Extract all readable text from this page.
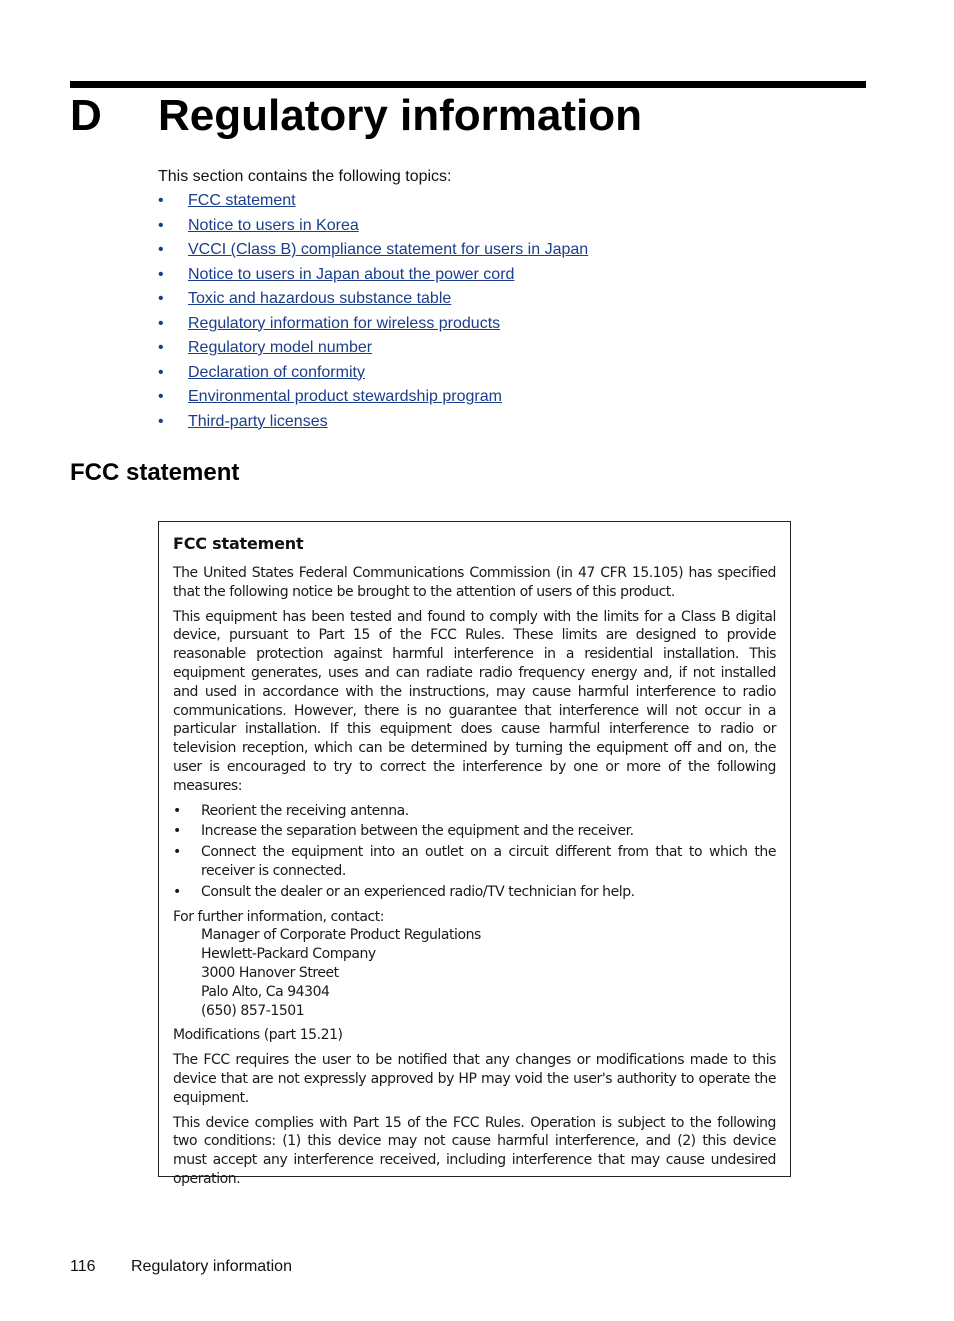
D Regulatory information
This section contains the following topics:
• FCC statement
• Notice to users in Korea
• VCCI (Class B) compliance statement for users in Japan
• Notice to users in Japan about the power cord
• Toxic and hazardous substance table
• Regulatory information for wireless products
• Regulatory model number
• Declaration of conformity
• Environmental product stewardship program
• Third-party licenses
FCC statement
FCC statement

The United States Federal Communications Commission (in 47 CFR 15.105) has specified that the following notice be brought to the attention of users of this product.

This equipment has been tested and found to comply with the limits for a Class B digital device, pursuant to Part 15 of the FCC Rules. These limits are designed to provide reasonable protection against harmful interference in a residential installation. This equipment generates, uses and can radiate radio frequency energy and, if not installed and used in accordance with the instructions, may cause harmful interference to radio communications. However, there is no guarantee that interference will not occur in a particular installation. If this equipment does cause harmful interference to radio or television reception, which can be determined by turning the equipment off and on, the user is encouraged to try to correct the interference by one or more of the following measures:

• Reorient the receiving antenna.
• Increase the separation between the equipment and the receiver.
• Connect the equipment into an outlet on a circuit different from that to which the receiver is connected.
• Consult the dealer or an experienced radio/TV technician for help.

For further information, contact:

Manager of Corporate Product Regulations
Hewlett-Packard Company
3000 Hanover Street
Palo Alto, Ca 94304
(650) 857-1501

Modifications (part 15.21)

The FCC requires the user to be notified that any changes or modifications made to this device that are not expressly approved by HP may void the user's authority to operate the equipment.

This device complies with Part 15 of the FCC Rules. Operation is subject to the following two conditions: (1) this device may not cause harmful interference, and (2) this device must accept any interference received, including interference that may cause undesired operation.

116 Regulatory information
